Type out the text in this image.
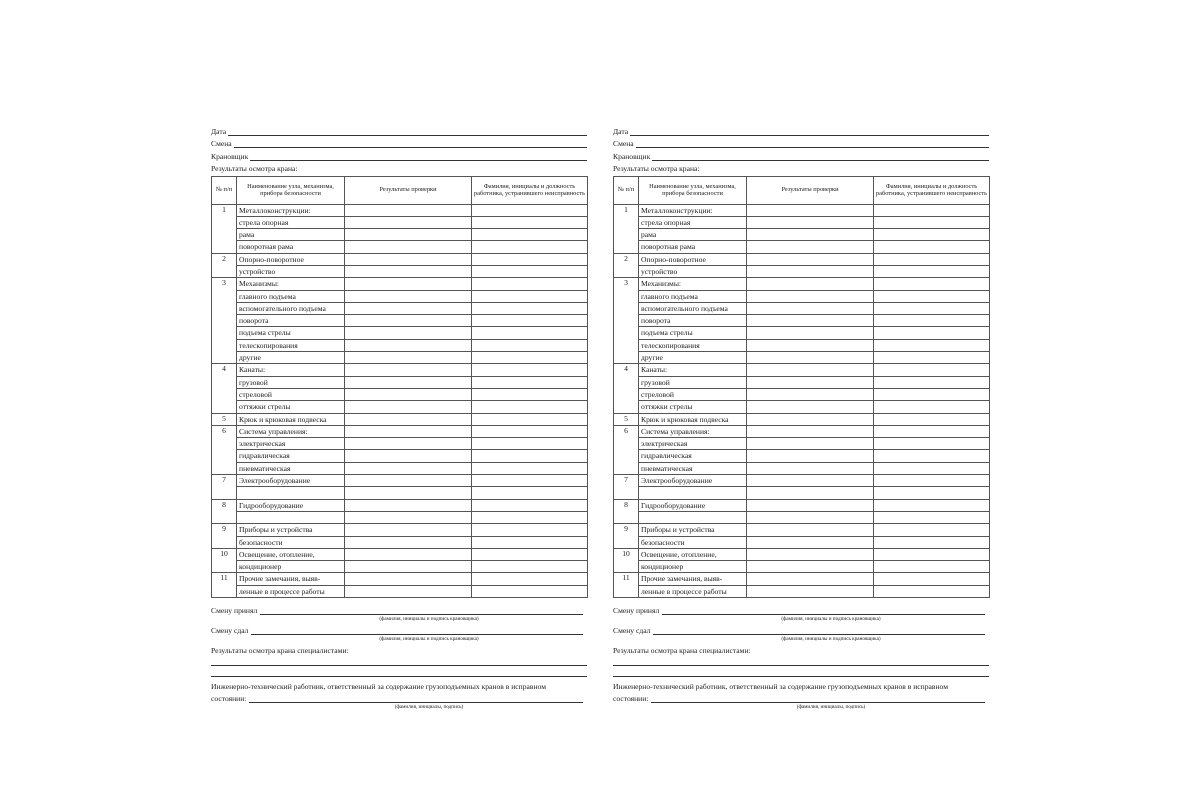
Дата
Смена
Крановщик
Результаты осмотра крана:
№ п/п	Наименование узла, механизма, прибора безопасности	Результаты проверки	Фамилия, инициалы и должность работника, устранившего неисправность
1	Металлоконструкции:		
	стрела опорная		
	рама		
	поворотная рама		
2	Опорно-поворотное		
	устройство		
3	Механизмы:		
	главного подъема		
	вспомогательного подъема		
	поворота		
	подъема стрелы		
	телескопирования		
	другие		
4	Канаты:		
	грузовой		
	стреловой		
	оттяжки стрелы		
5	Крюк и крюковая подвеска		
6	Система управления:		
	электрическая		
	гидравлическая		
	пневматическая		
7	Электрооборудование		

8	Гидрооборудование		

9	Приборы и устройства		
	безопасности		
10	Освещение, отопление,		
	кондиционер		
11	Прочие замечания, выяв-		
	ленные в процессе работы		
Смену принял
(фамилия, инициалы и подпись крановщика)
Смену сдал
(фамилия, инициалы и подпись крановщика)
Результаты осмотра крана специалистами:
Инженерно-технический работник, ответственный за содержание грузоподъемных кранов в исправном
состоянии:
(фамилия, инициалы, подпись)
Дата
Смена
Крановщик
Результаты осмотра крана:
№ п/п	Наименование узла, механизма, прибора безопасности	Результаты проверки	Фамилия, инициалы и должность работника, устранившего неисправность
1	Металлоконструкции:		
	стрела опорная		
	рама		
	поворотная рама		
2	Опорно-поворотное		
	устройство		
3	Механизмы:		
	главного подъема		
	вспомогательного подъема		
	поворота		
	подъема стрелы		
	телескопирования		
	другие		
4	Канаты:		
	грузовой		
	стреловой		
	оттяжки стрелы		
5	Крюк и крюковая подвеска		
6	Система управления:		
	электрическая		
	гидравлическая		
	пневматическая		
7	Электрооборудование		

8	Гидрооборудование		

9	Приборы и устройства		
	безопасности		
10	Освещение, отопление,		
	кондиционер		
11	Прочие замечания, выяв-		
	ленные в процессе работы		
Смену принял
(фамилия, инициалы и подпись крановщика)
Смену сдал
(фамилия, инициалы и подпись крановщика)
Результаты осмотра крана специалистами:
Инженерно-технический работник, ответственный за содержание грузоподъемных кранов в исправном
состоянии:
(фамилия, инициалы, подпись)
